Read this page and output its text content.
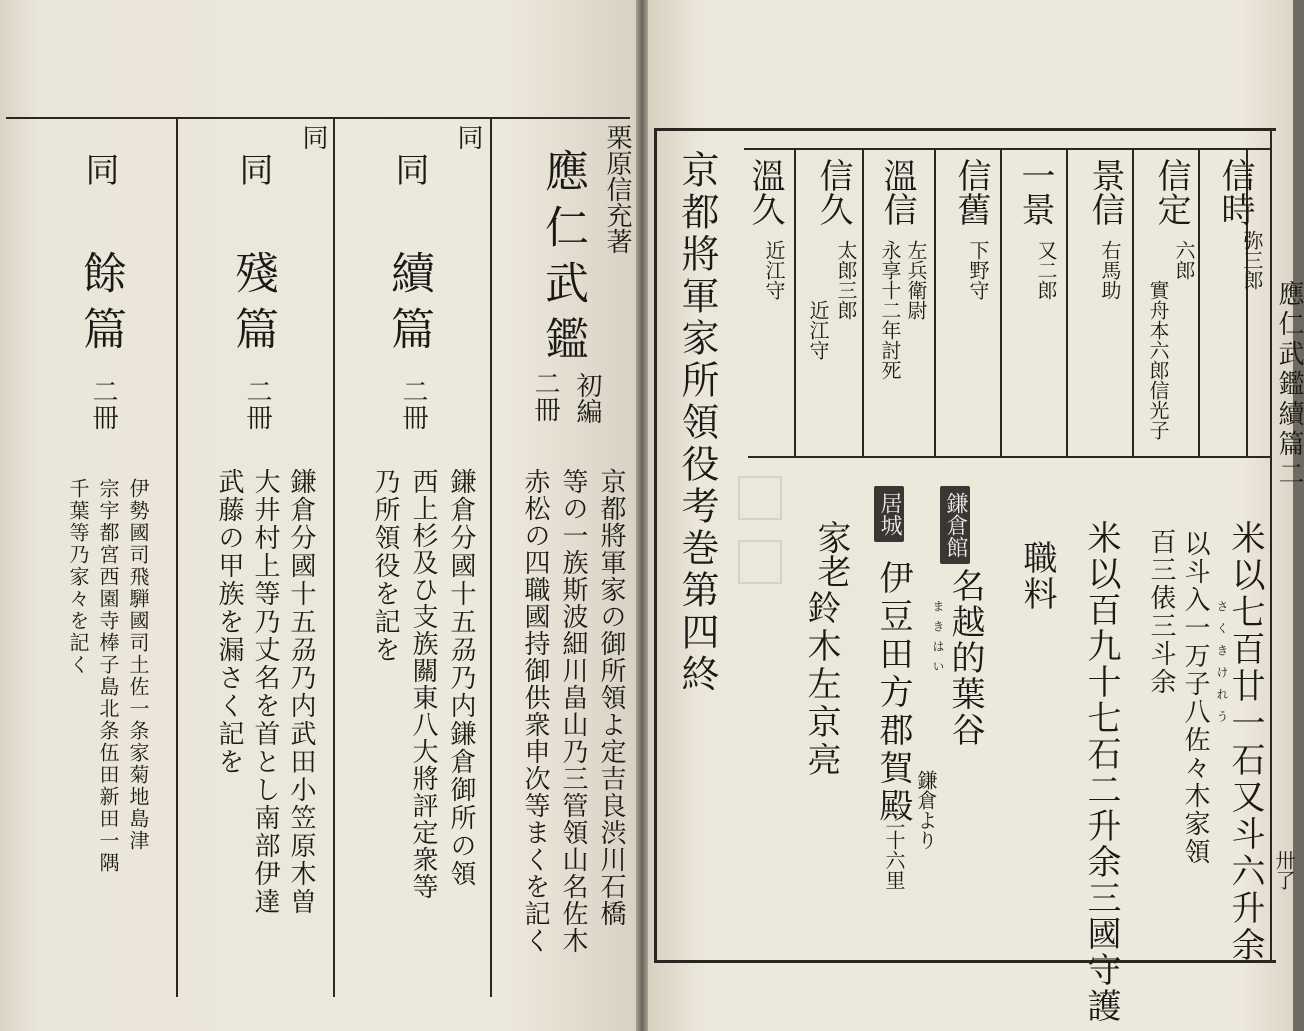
栗原信充著
應仁武鑑
初編
二冊
同
同
續篇
二冊
同
同
殘篇
二冊
同
餘篇
二冊
京都將軍家の御所領よ定吉良渋川石橋
等の一族斯波細川畠山乃三管領山名佐木
赤松の四職國持御供衆申次等まくを記く
鎌倉分國十五刕乃内鎌倉御所の領
西上杉及ひ支族關東八大將評定衆等
乃所領役を記を
鎌倉分國十五刕乃内武田小笠原木曽
大井村上等乃丈名を首とし南部伊達
武藤の甲族を漏さく記を
伊勢國司飛騨國司土佐一条家菊地島津
宗宇都宮西園寺棒子島北条伍田新田一隅
千葉等乃家々を記く
應仁武鑑續篇二
卅了
信時
弥三郎
信定
六郎
實舟本六郎信光子
景信
右馬助
一景
又二郎
信舊
下野守
溫信
左兵衛尉
永享十二年討死
信久
太郎三郎
近江守
溫久
近江守
京都將軍家所領役考巻第四終
米以七百廿一石又斗六升余
以斗入一万子八佐々木家領
百三俵三斗余	さくきけれう
米以百九十七石二升余三國守護
鎌倉館
居城
職料
名越的葉谷
まきはい
伊豆田方郡賀殿 鎌倉より
二十六里
家老
鈴木左京亮
